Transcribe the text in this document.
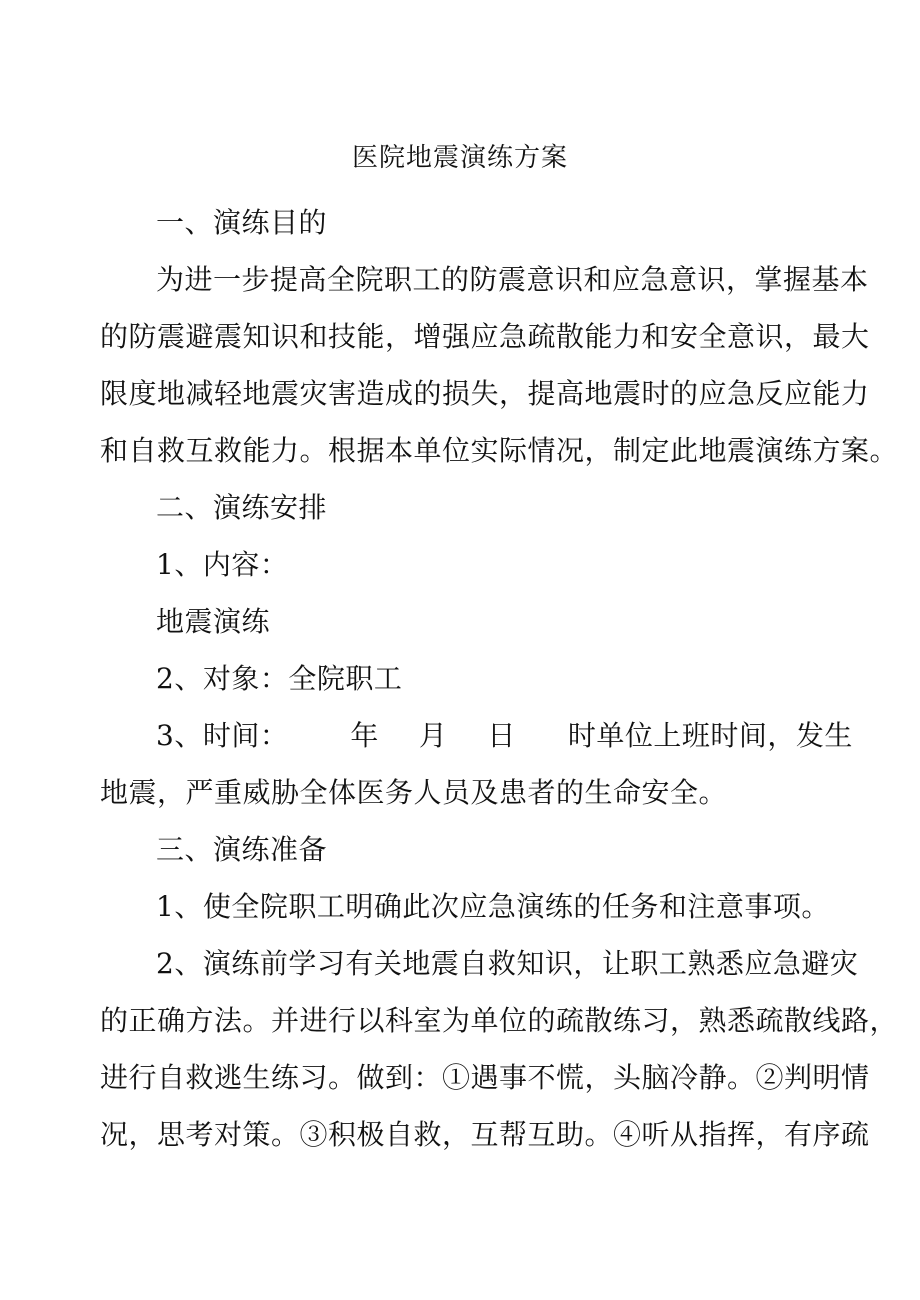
医院地震演练方案
一、演练目的
为进一步提高全院职工的防震意识和应急意识，掌握基本
的防震避震知识和技能，增强应急疏散能力和安全意识，最大
限度地减轻地震灾害造成的损失，提高地震时的应急反应能力
和自救互救能力。根据本单位实际情况，制定此地震演练方案。
二、演练安排
1、内容：
地震演练
2、对象：全院职工
3、时间： 年 月 日 时单位上班时间，发生
地震，严重威胁全体医务人员及患者的生命安全。
三、演练准备
1、使全院职工明确此次应急演练的任务和注意事项。
2、演练前学习有关地震自救知识，让职工熟悉应急避灾
的正确方法。并进行以科室为单位的疏散练习，熟悉疏散线路，
进行自救逃生练习。做到：①遇事不慌，头脑冷静。②判明情
况，思考对策。③积极自救，互帮互助。④听从指挥，有序疏
